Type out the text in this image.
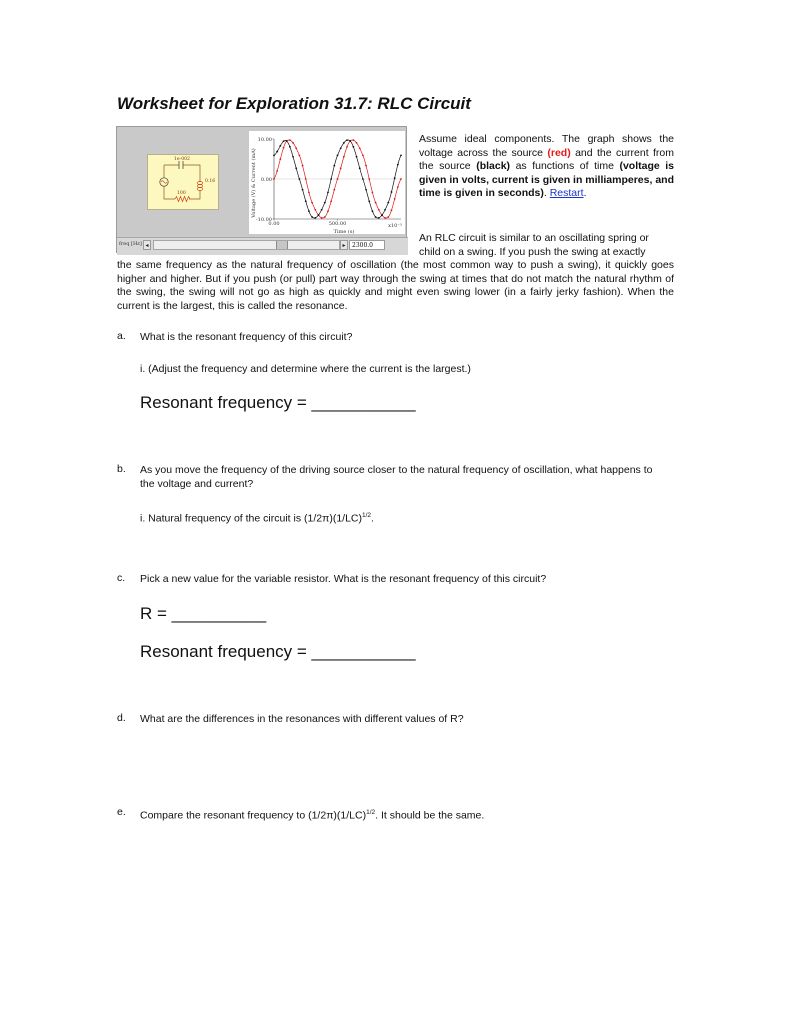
Worksheet for Exploration 31.7: RLC Circuit
1e-002
0.16
100	Voltage (V) & Current (mA)
10.00
0.00
-10.00
0.00	500.00
Time (s)
x10⁻³
freq [Hz] ◂	▸	2300.0
Assume ideal components. The graph shows the voltage across the source (red) and the current from the source (black) as functions of time (voltage is given in volts, current is given in milliamperes, and time is given in seconds). Restart.
An RLC circuit is similar to an oscillating spring or
child on a swing. If you push the swing at exactly
the same frequency as the natural frequency of oscillation (the most common way to push a swing), it quickly goes higher and higher. But if you push (or pull) part way through the swing at times that do not match the natural rhythm of the swing, the swing will not go as high as quickly and might even swing lower (in a fairly jerky fashion). When the current is the largest, this is called the resonance.
a. What is the resonant frequency of this circuit?
i. (Adjust the frequency and determine where the current is the largest.)
Resonant frequency = ___________
b. As you move the frequency of the driving source closer to the natural frequency of oscillation, what happens to the voltage and current?
i. Natural frequency of the circuit is $(1/2\pi)(1/LC)^{1/2}$.
c. Pick a new value for the variable resistor. What is the resonant frequency of this circuit?
R = __________
Resonant frequency = ___________
d. What are the differences in the resonances with different values of R?
e. Compare the resonant frequency to $(1/2\pi)(1/LC)^{1/2}$. It should be the same.
